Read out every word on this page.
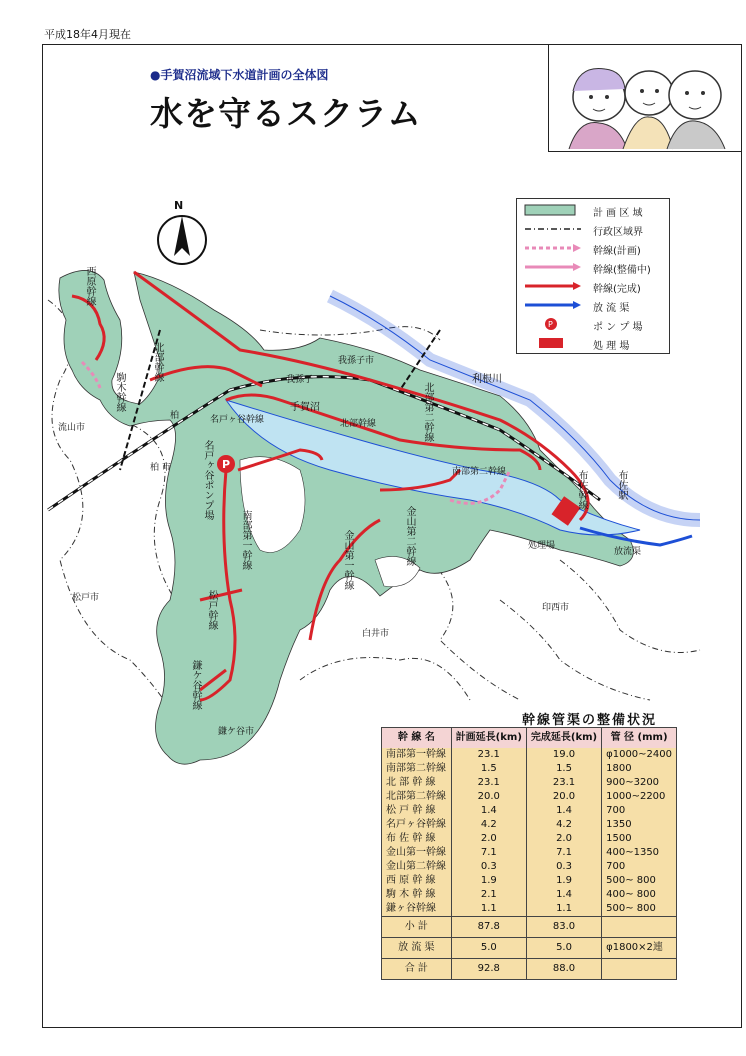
平成18年4月現在
●手賀沼流域下水道計画の全体図
水を守るスクラム
P
N
計 画 区 域
行政区域界
幹線(計画)
幹線(整備中)
幹線(完成)
放 流 渠
P	ポ ン プ 場
処 理 場
我孫子市
我孫子
手賀沼
利根川
柏
柏 市
流山市
松戸市
白井市
印西市
鎌ケ谷市
処理場
放流渠
名戸ヶ谷幹線	北部幹線
南部第二幹線
西原幹線
駒木幹線
北部幹線
名戸ヶ谷ポンプ場
南部第一幹線
北部第二幹線
金山第一幹線	金山第二幹線
布佐幹線	布佐駅
松戸幹線
鎌ケ谷幹線
幹線管渠の整備状況
幹 線 名	計画延長(km)	完成延長(km)	管 径 (mm)
南部第一幹線	23.1	19.0	φ1000~2400
南部第二幹線	1.5	1.5	1800
北 部 幹 線	23.1	23.1	900~3200
北部第二幹線	20.0	20.0	1000~2200
松 戸 幹 線	1.4	1.4	700
名戸ヶ谷幹線	4.2	4.2	1350
布 佐 幹 線	2.0	2.0	1500
金山第一幹線	7.1	7.1	400~1350
金山第二幹線	0.3	0.3	700
西 原 幹 線	1.9	1.9	500~ 800
駒 木 幹 線	2.1	1.4	400~ 800
鎌ヶ谷幹線	1.1	1.1	500~ 800
小 計	87.8	83.0	
放 流 渠	5.0	5.0	φ1800×2連
合 計	92.8	88.0	
